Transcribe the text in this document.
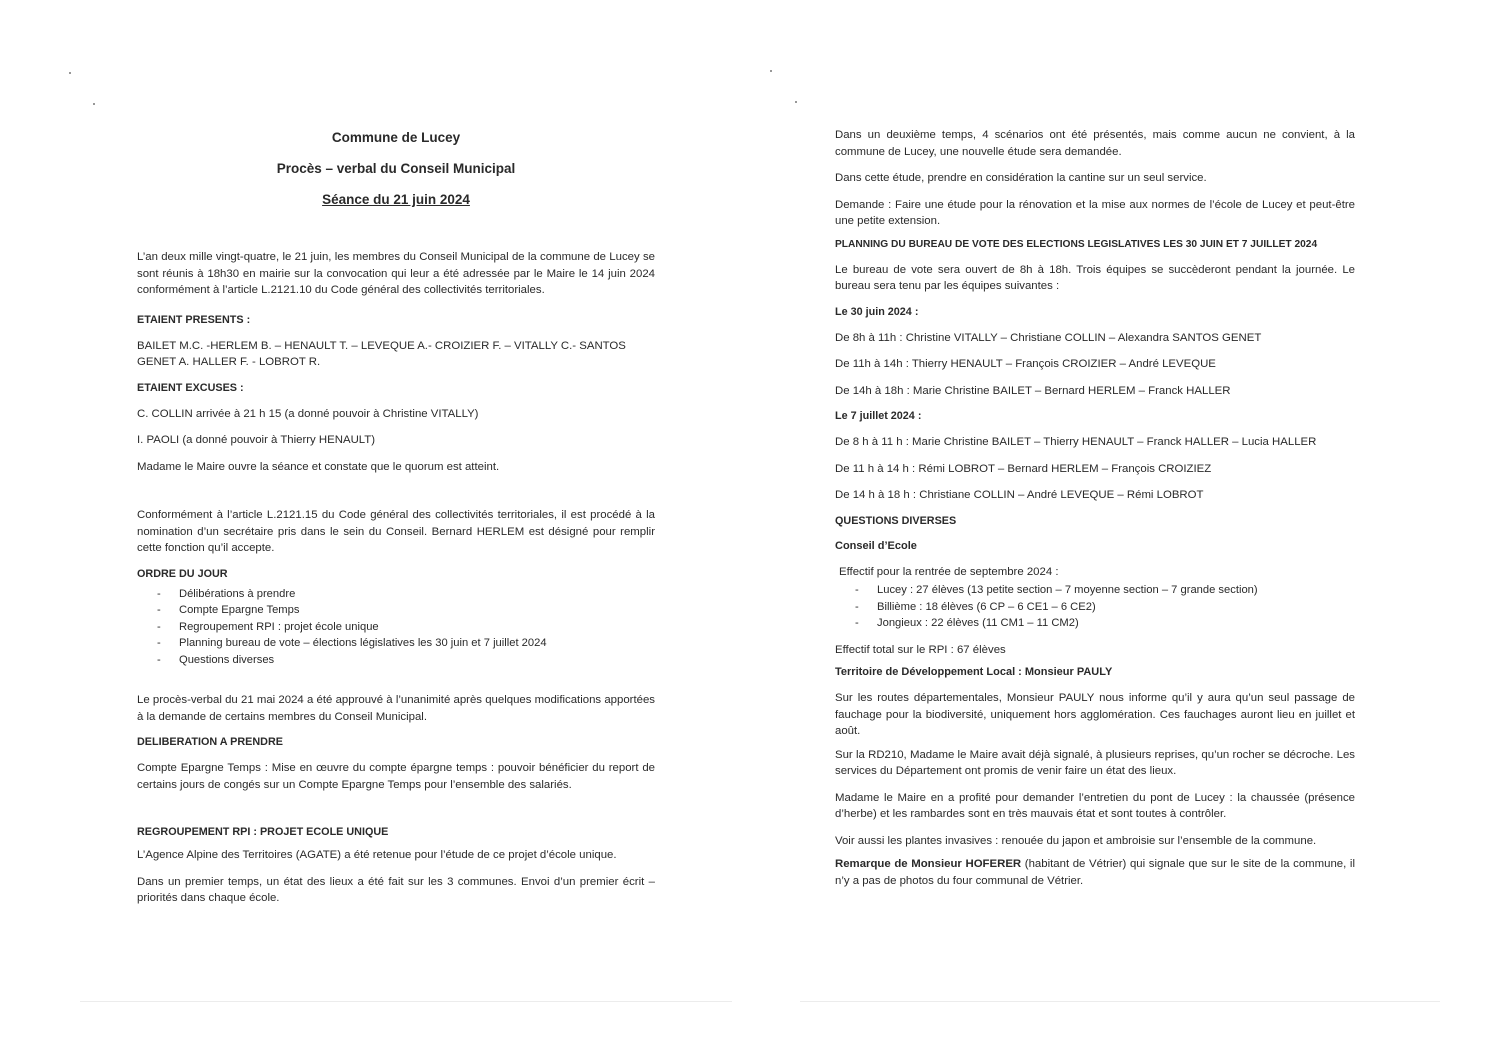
Commune de Lucey
Procès – verbal du Conseil Municipal
Séance du 21 juin 2024

L’an deux mille vingt-quatre, le 21 juin, les membres du Conseil Municipal de la commune de Lucey se sont réunis à 18h30 en mairie sur la convocation qui leur a été adressée par le Maire le 14 juin 2024 conformément à l’article L.2121.10 du Code général des collectivités territoriales.

ETAIENT PRESENTS :

BAILET M.C. -HERLEM B. – HENAULT T. – LEVEQUE A.- CROIZIER F. – VITALLY C.- SANTOS GENET A. HALLER F. - LOBROT R.

ETAIENT EXCUSES :

C. COLLIN arrivée à 21 h 15 (a donné pouvoir à Christine VITALLY)

I. PAOLI (a donné pouvoir à Thierry HENAULT)

Madame le Maire ouvre la séance et constate que le quorum est atteint.

Conformément à l’article L.2121.15 du Code général des collectivités territoriales, il est procédé à la nomination d’un secrétaire pris dans le sein du Conseil. Bernard HERLEM est désigné pour remplir cette fonction qu’il accepte.

ORDRE DU JOUR
- Délibérations à prendre
- Compte Epargne Temps
- Regroupement RPI : projet école unique
- Planning bureau de vote – élections législatives les 30 juin et 7 juillet 2024
- Questions diverses

Le procès-verbal du 21 mai 2024 a été approuvé à l’unanimité après quelques modifications apportées à la demande de certains membres du Conseil Municipal.

DELIBERATION A PRENDRE

Compte Epargne Temps : Mise en œuvre du compte épargne temps : pouvoir bénéficier du report de certains jours de congés sur un Compte Epargne Temps pour l’ensemble des salariés.

REGROUPEMENT RPI : PROJET ECOLE UNIQUE

L’Agence Alpine des Territoires (AGATE) a été retenue pour l’étude de ce projet d’école unique.

Dans un premier temps, un état des lieux a été fait sur les 3 communes. Envoi d’un premier écrit – priorités dans chaque école.

Dans un deuxième temps, 4 scénarios ont été présentés, mais comme aucun ne convient, à la commune de Lucey, une nouvelle étude sera demandée.

Dans cette étude, prendre en considération la cantine sur un seul service.

Demande : Faire une étude pour la rénovation et la mise aux normes de l’école de Lucey et peut-être une petite extension.

PLANNING DU BUREAU DE VOTE DES ELECTIONS LEGISLATIVES LES 30 JUIN ET 7 JUILLET 2024

Le bureau de vote sera ouvert de 8h à 18h. Trois équipes se succèderont pendant la journée. Le bureau sera tenu par les équipes suivantes :

Le 30 juin 2024 :

De 8h à 11h : Christine VITALLY – Christiane COLLIN – Alexandra SANTOS GENET

De 11h à 14h : Thierry HENAULT – François CROIZIER – André LEVEQUE

De 14h à 18h : Marie Christine BAILET – Bernard HERLEM – Franck HALLER

Le 7 juillet 2024 :

De 8 h à 11 h : Marie Christine BAILET – Thierry HENAULT – Franck HALLER – Lucia HALLER

De 11 h à 14 h : Rémi LOBROT – Bernard HERLEM – François CROIZIEZ

De 14 h à 18 h : Christiane COLLIN – André LEVEQUE – Rémi LOBROT

QUESTIONS DIVERSES
Conseil d’Ecole

Effectif pour la rentrée de septembre 2024 :

- Lucey : 27 élèves (13 petite section – 7 moyenne section – 7 grande section)
- Billième : 18 élèves (6 CP – 6 CE1 – 6 CE2)
- Jongieux : 22 élèves (11 CM1 – 11 CM2)

Effectif total sur le RPI : 67 élèves

Territoire de Développement Local : Monsieur PAULY

Sur les routes départementales, Monsieur PAULY nous informe qu’il y aura qu’un seul passage de fauchage pour la biodiversité, uniquement hors agglomération. Ces fauchages auront lieu en juillet et août.

Sur la RD210, Madame le Maire avait déjà signalé, à plusieurs reprises, qu’un rocher se décroche. Les services du Département ont promis de venir faire un état des lieux.

Madame le Maire en a profité pour demander l’entretien du pont de Lucey : la chaussée (présence d’herbe) et les rambardes sont en très mauvais état et sont toutes à contrôler.

Voir aussi les plantes invasives : renouée du japon et ambroisie sur l’ensemble de la commune.

Remarque de Monsieur HOFERER (habitant de Vétrier) qui signale que sur le site de la commune, il n’y a pas de photos du four communal de Vétrier.
